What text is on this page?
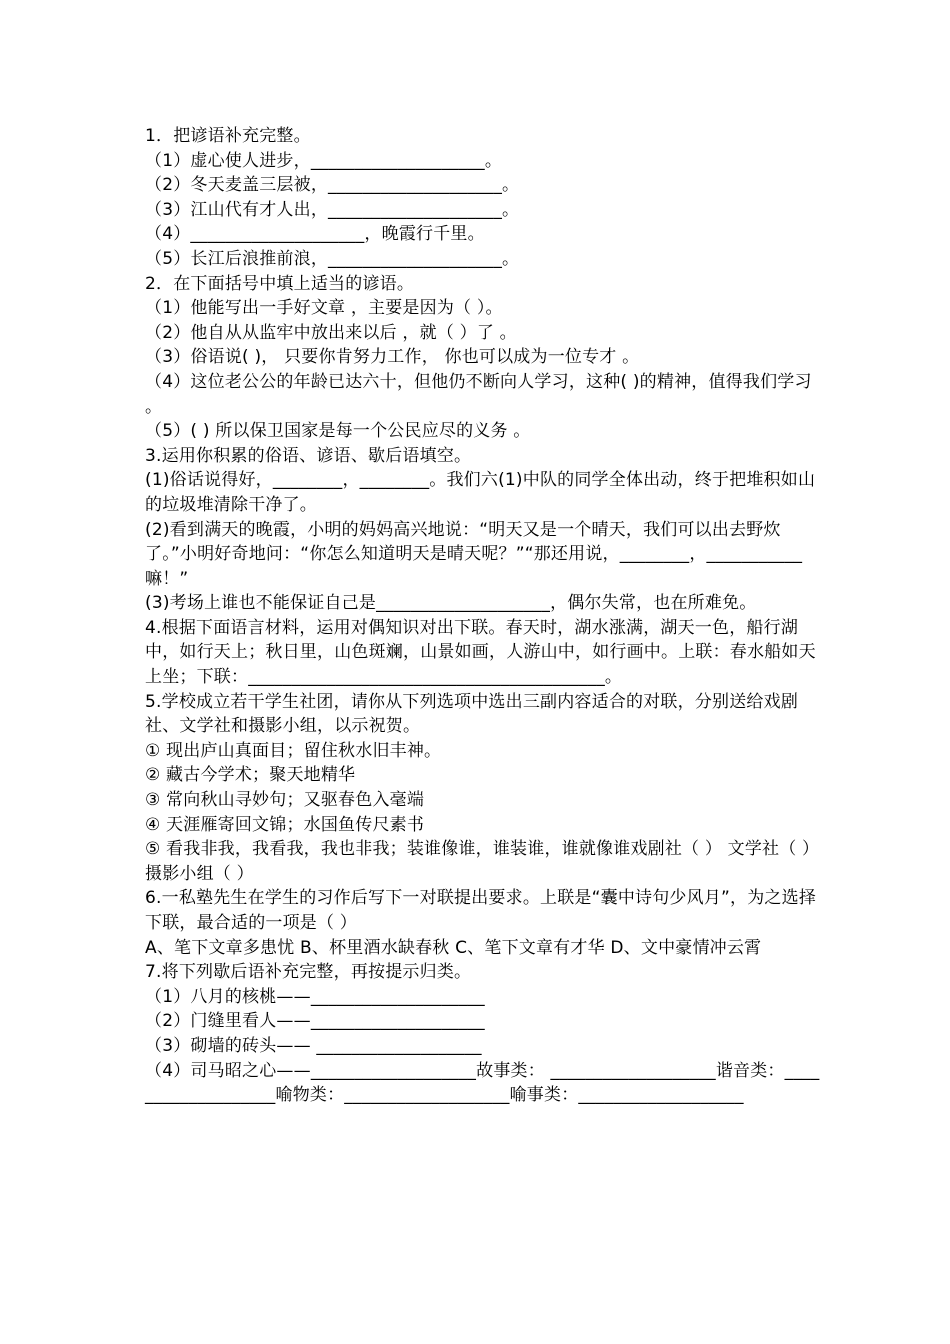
1．把谚语补充完整。

（1）虚心使人进步，____________________。

（2）冬天麦盖三层被，____________________。

（3）江山代有才人出，____________________。

（4）____________________，晚霞行千里。

（5）长江后浪推前浪，____________________。

2．在下面括号中填上适当的谚语。

（1）他能写出一手好文章 ，主要是因为（ ）。

（2）他自从从监牢中放出来以后 ，就（ ）了 。

（3）俗语说( )， 只要你肯努力工作， 你也可以成为一位专才 。

（4）这位老公公的年龄已达六十，但他仍不断向人学习，这种( )的精神，值得我们学习 。

（5）( ) 所以保卫国家是每一个公民应尽的义务 。

3.运用你积累的俗语、谚语、歇后语填空。

(1)俗话说得好，________，________。我们六(1)中队的同学全体出动，终于把堆积如山的垃圾堆清除干净了。

(2)看到满天的晚霞，小明的妈妈高兴地说：“明天又是一个晴天，我们可以出去野炊了。”小明好奇地问：“你怎么知道明天是晴天呢？”“那还用说，________，___________嘛！”

(3)考场上谁也不能保证自己是____________________，偶尔失常，也在所难免。

4.根据下面语言材料，运用对偶知识对出下联。春天时，湖水涨满，湖天一色，船行湖中，如行天上；秋日里，山色斑斓，山景如画，人游山中，如行画中。上联：春水船如天上坐；下联：_________________________________________。

5.学校成立若干学生社团，请你从下列选项中选出三副内容适合的对联，分别送给戏剧社、文学社和摄影小组，以示祝贺。

① 现出庐山真面目；留住秋水旧丰神。

② 藏古今学术；聚天地精华

③ 常向秋山寻妙句；又驱春色入毫端

④ 天涯雁寄回文锦；水国鱼传尺素书

⑤ 看我非我，我看我，我也非我；装谁像谁，谁装谁，谁就像谁戏剧社（ ） 文学社（ ） 摄影小组（ ）

6.一私塾先生在学生的习作后写下一对联提出要求。上联是“囊中诗句少风月”，为之选择下联，最合适的一项是（ ）

A、笔下文章多患忧 B、杯里酒水缺春秋 C、笔下文章有才华 D、文中豪情冲云霄

7.将下列歇后语补充完整，再按提示归类。

（1）八月的核桃——____________________

（2）门缝里看人——____________________

（3）砌墙的砖头—— ___________________

（4）司马昭之心——___________________故事类： ___________________谐音类：___________________喻物类：___________________喻事类：___________________
